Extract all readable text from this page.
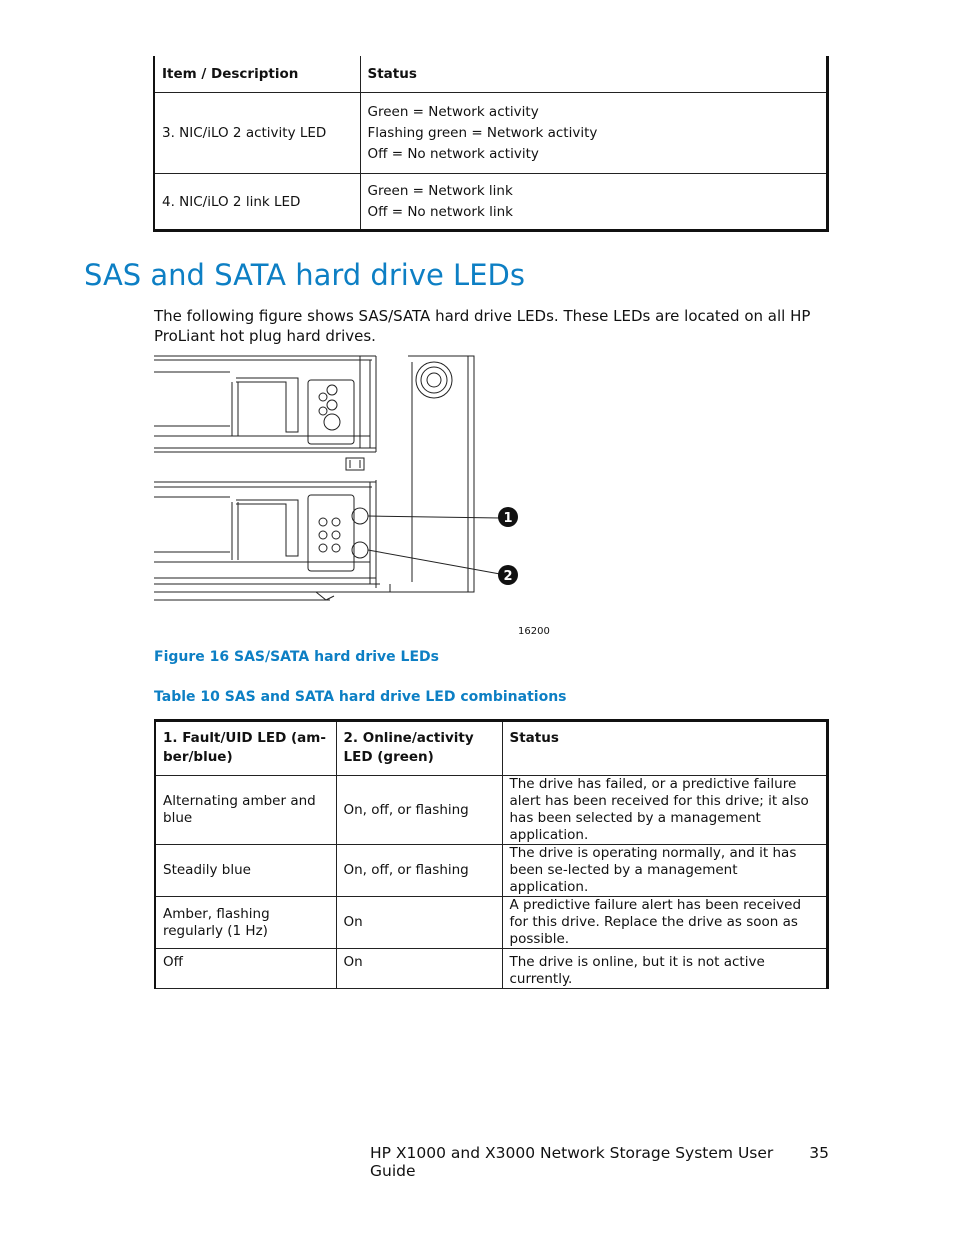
Item / Description	Status
3. NIC/iLO 2 activity LED	Green = Network activity
Flashing green = Network activity
Off = No network activity

4. NIC/iLO 2 link LED	Green = Network link
Off = No network link
SAS and SATA hard drive LEDs

The following figure shows SAS/SATA hard drive LEDs. These LEDs are located on all HP ProLiant hot plug hard drives.

1
2
16200

Figure 16 SAS/SATA hard drive LEDs

Table 10 SAS and SATA hard drive LED combinations

1. Fault/UID LED (am-ber/blue)	2. Online/activity LED (green)	Status
Alternating amber and blue	On, off, or flashing	The drive has failed, or a predictive failure alert has been received for this drive; it also has been selected by a management application.
Steadily blue	On, off, or flashing	The drive is operating normally, and it has been se-lected by a management application.
Amber, flashing regularly (1 Hz)	On	A predictive failure alert has been received for this drive. Replace the drive as soon as possible.
Off	On	The drive is online, but it is not active currently.
HP X1000 and X3000 Network Storage System User Guide
35
